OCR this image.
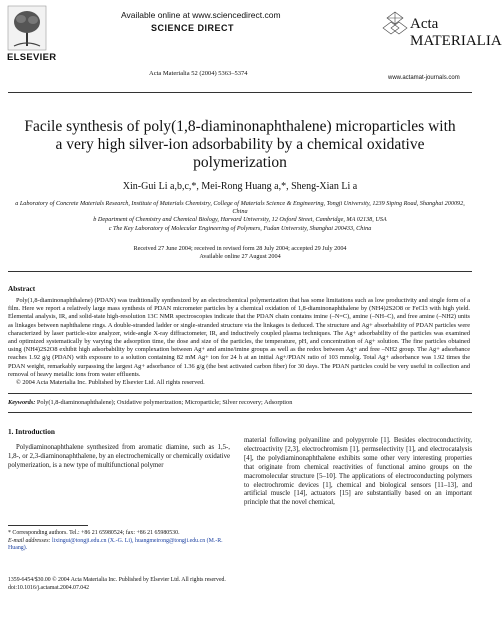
ELSEVIER
Available online at www.sciencedirect.com
SCIENCE DIRECT
Acta Materialia 52 (2004) 5363–5374
Acta MATERIALIA
www.actamat-journals.com
Facile synthesis of poly(1,8-diaminonaphthalene) microparticles with a very high silver-ion adsorbability by a chemical oxidative polymerization
Xin-Gui Li a,b,c,*, Mei-Rong Huang a,*, Sheng-Xian Li a
a Laboratory of Concrete Materials Research, Institute of Materials Chemistry, College of Materials Science & Engineering, Tongji University, 1239 Siping Road, Shanghai 200092, China
b Department of Chemistry and Chemical Biology, Harvard University, 12 Oxford Street, Cambridge, MA 02138, USA
c The Key Laboratory of Molecular Engineering of Polymers, Fudan University, Shanghai 200433, China
Received 27 June 2004; received in revised form 28 July 2004; accepted 29 July 2004
Available online 27 August 2004
Abstract
Poly(1,8-diaminonaphthalene) (PDAN) was traditionally synthesized by an electrochemical polymerization that has some limitations such as low productivity and single form of a film. Here we report a relatively large mass synthesis of PDAN micrometer particles by a chemical oxidation of 1,8-diaminonaphthalene by (NH4)2S2O8 or FeCl3 with high yield. Elemental analysis, IR, and solid-state high-resolution 13C NMR spectroscopies indicate that the PDAN chain contains imine (–N=C), amine (–NH–C), and free amine (–NH2) units as linkages between naphthalene rings. A double-stranded ladder or single-stranded structure via the linkages is deduced. The structure and Ag+ absorbability of PDAN particles were characterized by laser particle-size analyzer, wide-angle X-ray diffractometer, IR, and inductively coupled plasma techniques. The Ag+ adsorbability of the particles was examined and optimized systematically by varying the adsorption time, the dose and size of the particles, the temperature, pH, and concentration of Ag+ solution. The fine particles obtained using (NH4)2S2O8 exhibit high adsorbability by complexation between Ag+ and amine/imine groups as well as the redox between Ag+ and free –NH2 group. The Ag+ adsorbance reaches 1.92 g/g (PDAN) with exposure to a solution containing 82 mM Ag+ ion for 24 h at an initial Ag+/PDAN ratio of 103 mmol/g. Total Ag+ adsorbance was 1.92 times the PDAN weight, remarkably surpassing the largest Ag+ adsorbance of 1.36 g/g (the best activated carbon fiber) for 30 days. The PDAN particles could be very useful in collection and removal of heavy metallic ions from water effluents.
© 2004 Acta Materialia Inc. Published by Elsevier Ltd. All rights reserved.
Keywords: Poly(1,8-diaminonaphthalene); Oxidative polymerization; Microparticle; Silver recovery; Adsorption
1. Introduction
Polydiaminonaphthalene synthesized from aromatic diamine, such as 1,5-, 1,8-, or 2,3-diaminonaphthalene, by an electrochemically or chemically oxidative polymerization, is a new type of multifunctional polymer
material following polyaniline and polypyrrole [1]. Besides electroconductivity, electroactivity [2,3], electrochromism [1], permselectivity [1], and electrocatalysis [4], the polydiaminonaphthalene exhibits some other very interesting properties that originate from chemical reactivities of functional amino groups on the macromolecular structure [5–10]. The applications of electroconducting polymers to electrochromic devices [1], chemical and biological sensors [11–13], and artificial muscle [14], actuators [15] are substantially based on an important principle that the novel chemical,
* Corresponding authors. Tel.: +86 21 65980524; fax: +86 21 65980530.
E-mail addresses: lixingui@tongji.edu.cn (X.-G. Li), huangmeirong@tongji.edu.cn (M.-R. Huang).
1359-6454/$30.00 © 2004 Acta Materialia Inc. Published by Elsevier Ltd. All rights reserved.
doi:10.1016/j.actamat.2004.07.042
